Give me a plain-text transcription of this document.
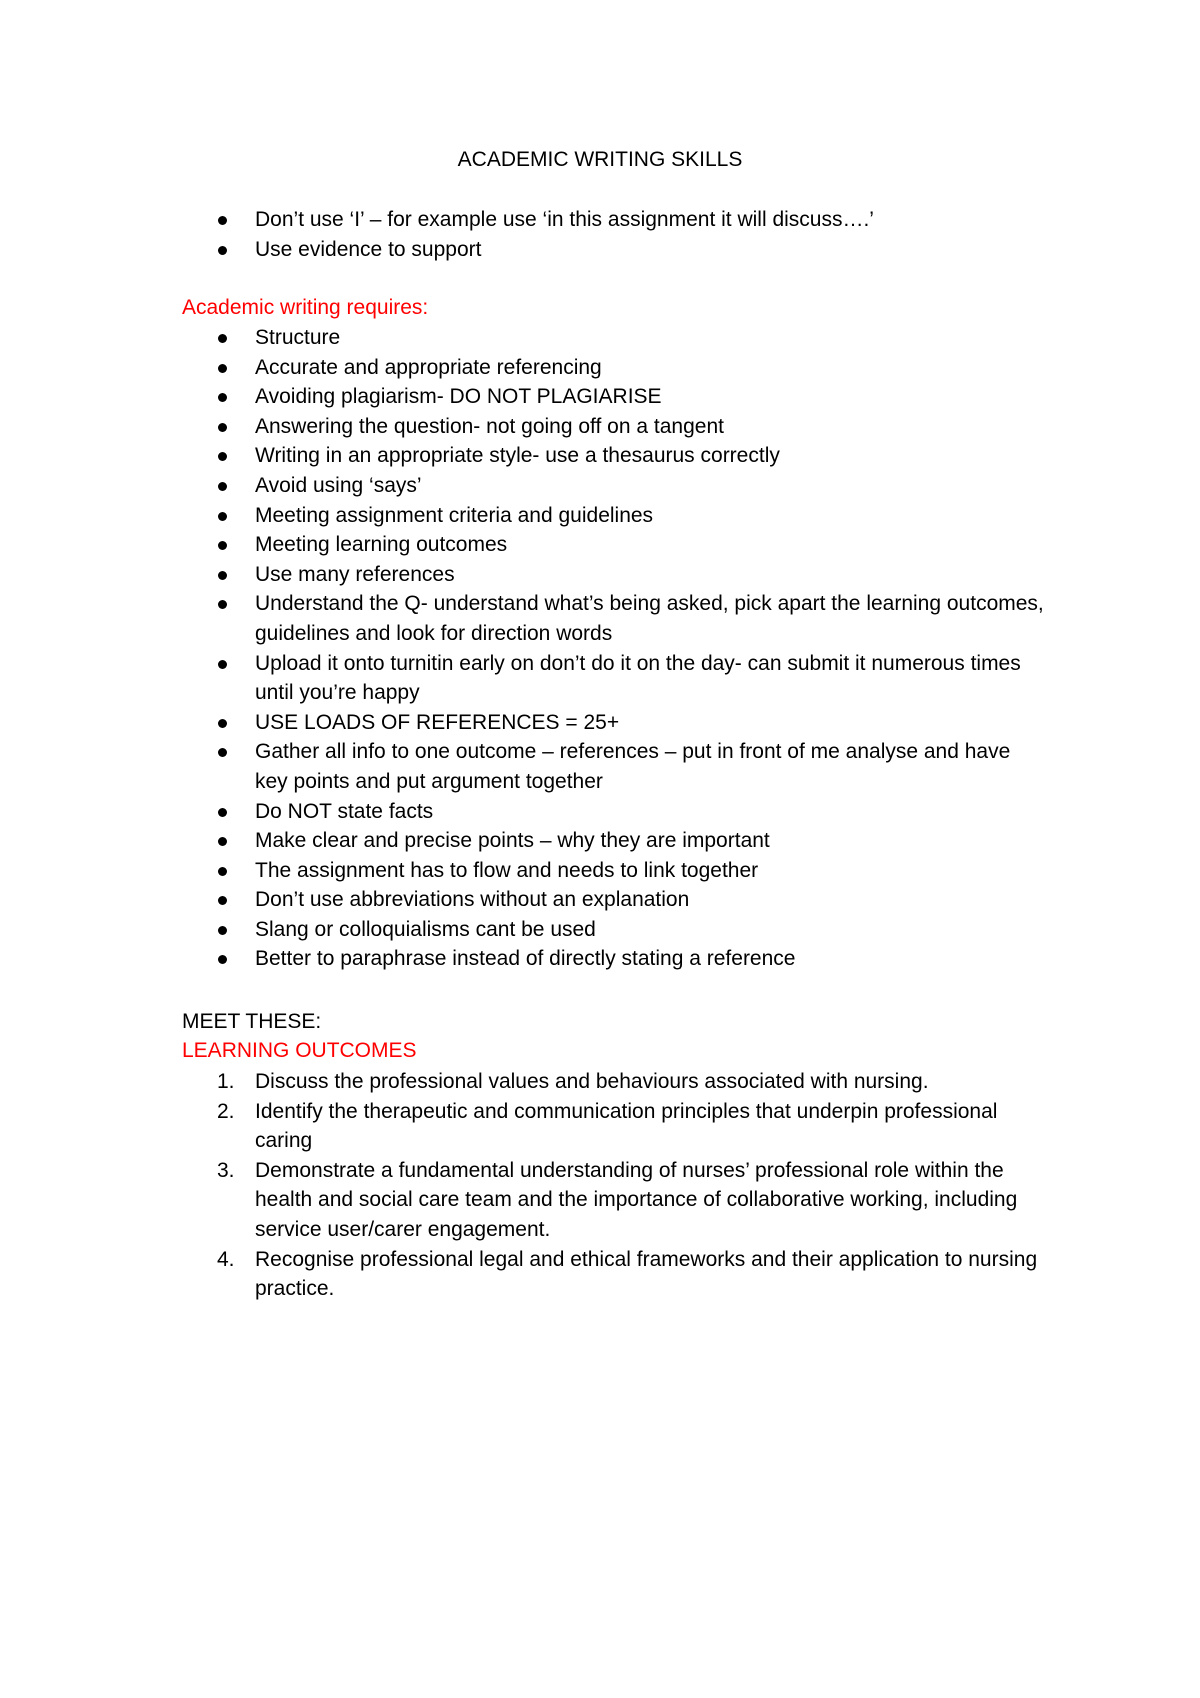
ACADEMIC WRITING SKILLS
Don’t use ‘I’ – for example use ‘in this assignment it will discuss….’
Use evidence to support
Academic writing requires:
Structure
Accurate and appropriate referencing
Avoiding plagiarism- DO NOT PLAGIARISE
Answering the question- not going off on a tangent
Writing in an appropriate style- use a thesaurus correctly
Avoid using ‘says’
Meeting assignment criteria and guidelines
Meeting learning outcomes
Use many references
Understand the Q- understand what’s being asked, pick apart the learning outcomes, guidelines and look for direction words
Upload it onto turnitin early on don’t do it on the day- can submit it numerous times until you’re happy
USE LOADS OF REFERENCES = 25+
Gather all info to one outcome – references – put in front of me analyse and have key points and put argument together
Do NOT state facts
Make clear and precise points – why they are important
The assignment has to flow and needs to link together
Don’t use abbreviations without an explanation
Slang or colloquialisms cant be used
Better to paraphrase instead of directly stating a reference
MEET THESE:
LEARNING OUTCOMES
1. Discuss the professional values and behaviours associated with nursing.
2. Identify the therapeutic and communication principles that underpin professional caring
3. Demonstrate a fundamental understanding of nurses’ professional role within the health and social care team and the importance of collaborative working, including service user/carer engagement.
4. Recognise professional legal and ethical frameworks and their application to nursing practice.
